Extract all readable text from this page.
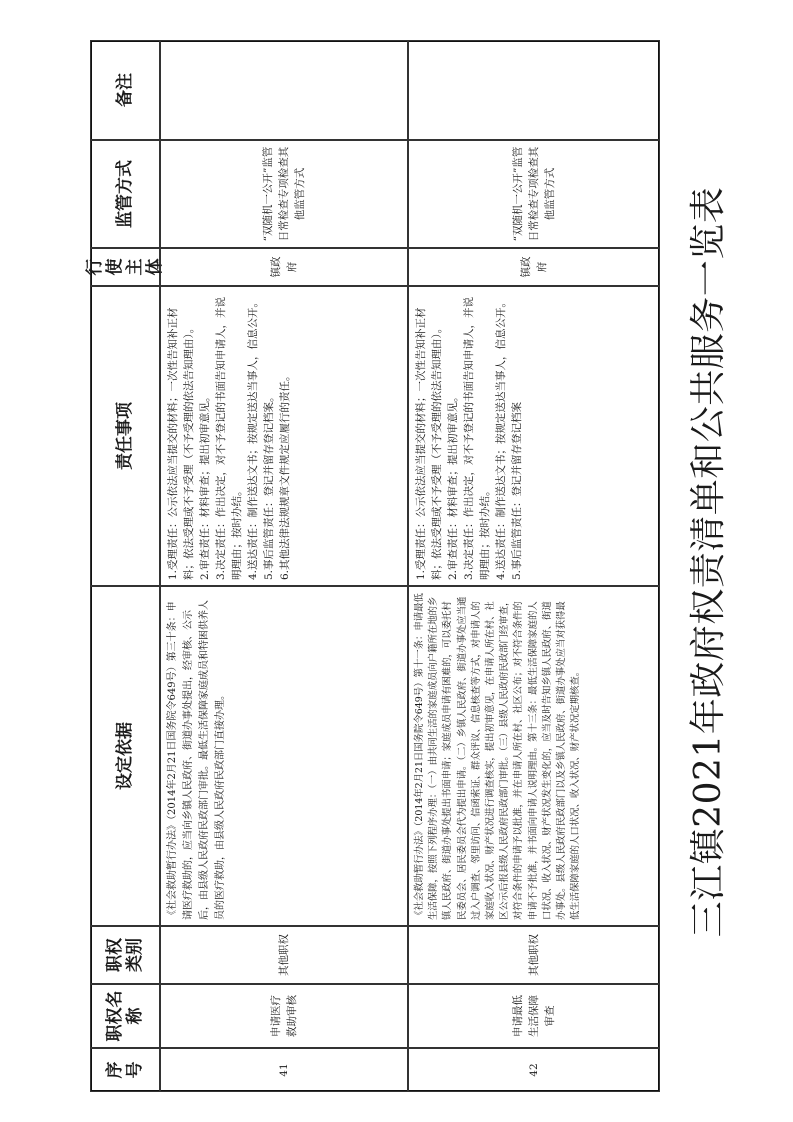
三江镇2021年政府权责清单和公共服务一览表
序号
职权名称
职权类别
设定依据
责任事项
行使主体
监管方式
备注
41
申请医疗救助审核
其他职权
《社会救助暂行办法》（2014年2月21日国务院令649号）第三十条：申请医疗救助的，应当向乡镇人民政府、街道办事处提出，经审核、公示后，由县级人民政府民政部门审批。最低生活保障家庭成员和特困供养人员的医疗救助，由县级人民政府民政部门直接办理。
1.受理责任：公示依法应当提交的材料；一次性告知补正材料；依法受理或不予受理（不予受理的依法告知理由）。 2.审查责任：材料审查；提出初审意见。 3.决定责任：作出决定，对不予登记的书面告知申请人，并说明理由；按时办结。 4.送达责任：制作送达文书；按规定送达当事人，信息公开。 5.事后监管责任：登记并留存登记档案。 6.其他法律法规规章文件规定应履行的责任。
镇政府
“双随机一公开”监管日常检查专项检查其他监管方式
42
申请最低生活保障审查
其他职权
《社会救助暂行办法》（2014年2月21日国务院令649号）第十一条：申请最低生活保障，按照下列程序办理：（一）由共同生活的家庭成员向户籍所在地的乡镇人民政府、街道办事处提出书面申请；家庭成员申请有困难的，可以委托村民委员会、居民委员会代为提出申请。（二）乡镇人民政府、街道办事处应当通过入户调查、邻里访问、信函索证、群众评议、信息核查等方式，对申请人的家庭收入状况、财产状况进行调查核实，提出初审意见，在申请人所在村、社区公示后报县级人民政府民政部门审批。（三）县级人民政府民政部门经审查，对符合条件的申请予以批准，并在申请人所在村、社区公布；对不符合条件的申请不予批准，并书面向申请人说明理由。第十三条：最低生活保障家庭的人口状况、收入状况、财产状况发生变化的，应当及时告知乡镇人民政府、街道办事处。县级人民政府民政部门以及乡镇人民政府、街道办事处应当对获得最低生活保障家庭的人口状况、收入状况、财产状况定期核查。
1.受理责任：公示依法应当提交的材料；一次性告知补正材料；依法受理或不予受理（不予受理的依法告知理由）。 2.审查责任：材料审查；提出初审意见。 3.决定责任：作出决定，对不予登记的书面告知申请人，并说明理由；按时办结。 4.送达责任：制作送达文书；按规定送达当事人，信息公开。 5.事后监管责任：登记并留存登记档案
镇政府
“双随机一公开”监管日常检查专项检查其他监管方式
